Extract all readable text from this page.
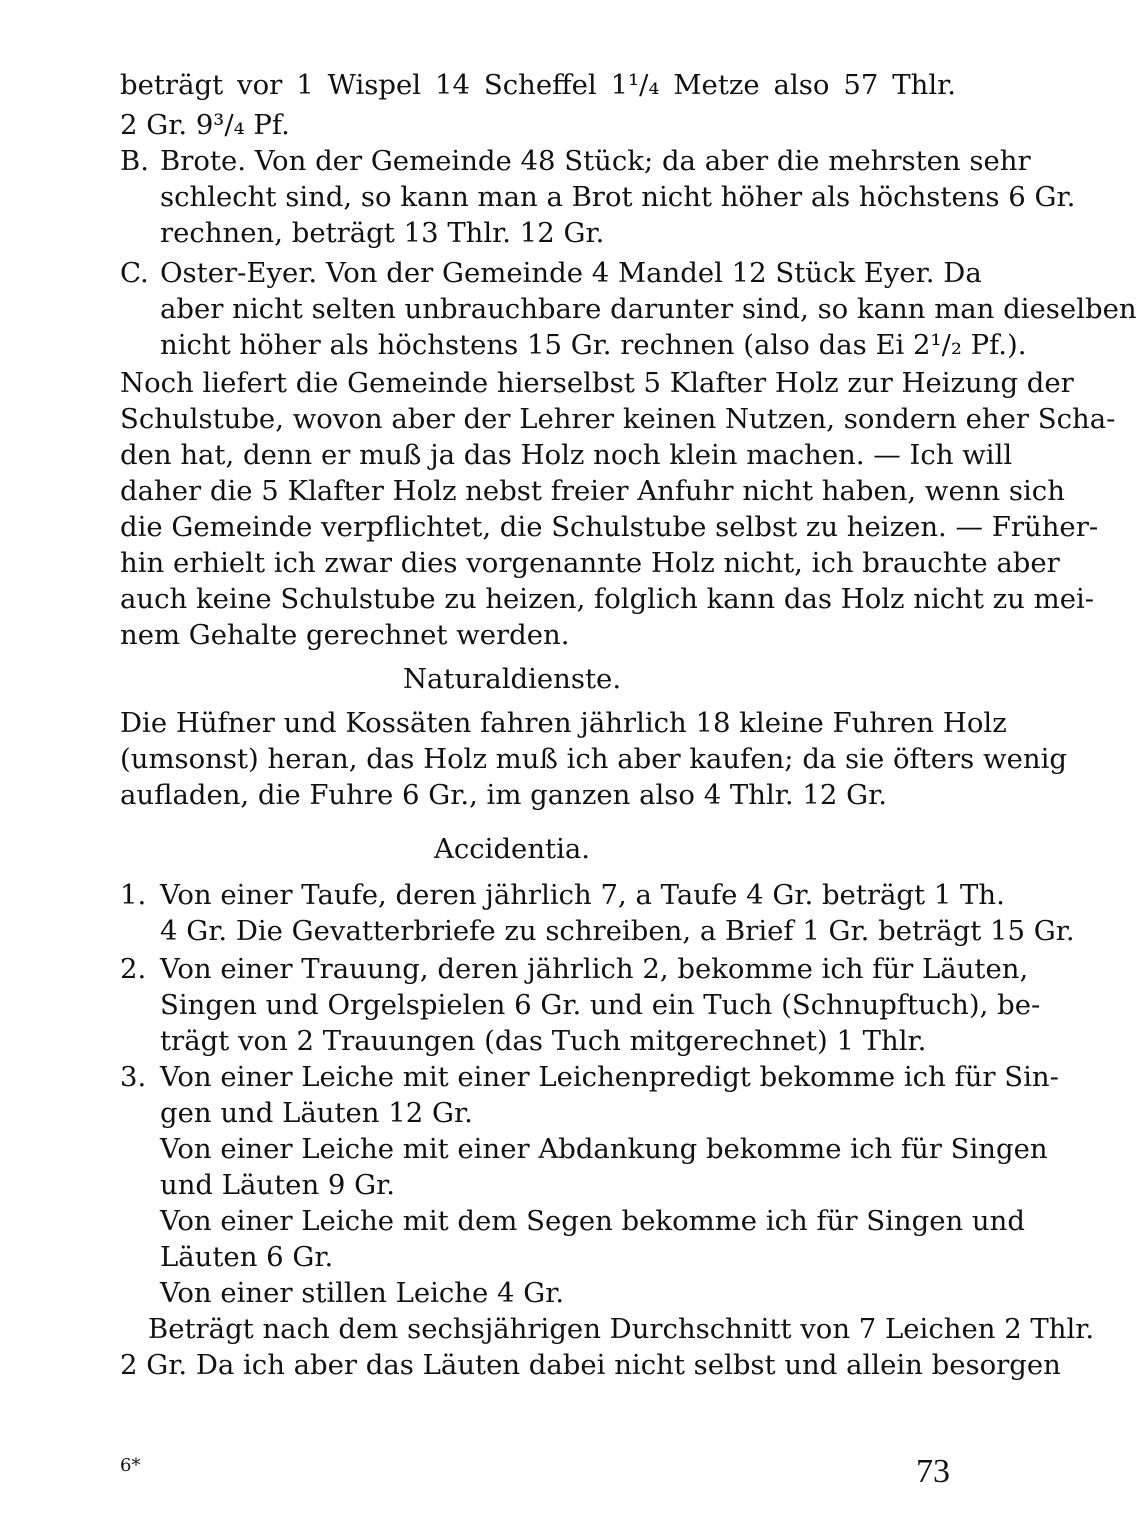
beträgt vor 1 Wispel 14 Scheffel 1¹/₄ Metze also 57 Thlr.
2 Gr. 9³/₄ Pf.
B. Brote. Von der Gemeinde 48 Stück; da aber die mehrsten sehr
schlecht sind, so kann man a Brot nicht höher als höchstens 6 Gr.
rechnen, beträgt 13 Thlr. 12 Gr.
C. Oster-Eyer. Von der Gemeinde 4 Mandel 12 Stück Eyer. Da
aber nicht selten unbrauchbare darunter sind, so kann man dieselben
nicht höher als höchstens 15 Gr. rechnen (also das Ei 2¹/₂ Pf.).
Noch liefert die Gemeinde hierselbst 5 Klafter Holz zur Heizung der
Schulstube, wovon aber der Lehrer keinen Nutzen, sondern eher Scha-
den hat, denn er muß ja das Holz noch klein machen. — Ich will
daher die 5 Klafter Holz nebst freier Anfuhr nicht haben, wenn sich
die Gemeinde verpflichtet, die Schulstube selbst zu heizen. — Früher-
hin erhielt ich zwar dies vorgenannte Holz nicht, ich brauchte aber
auch keine Schulstube zu heizen, folglich kann das Holz nicht zu mei-
nem Gehalte gerechnet werden.
Naturaldienste.
Die Hüfner und Kossäten fahren jährlich 18 kleine Fuhren Holz
(umsonst) heran, das Holz muß ich aber kaufen; da sie öfters wenig
aufladen, die Fuhre 6 Gr., im ganzen also 4 Thlr. 12 Gr.
Accidentia.
1. Von einer Taufe, deren jährlich 7, a Taufe 4 Gr. beträgt 1 Th.
4 Gr. Die Gevatterbriefe zu schreiben, a Brief 1 Gr. beträgt 15 Gr.
2. Von einer Trauung, deren jährlich 2, bekomme ich für Läuten,
Singen und Orgelspielen 6 Gr. und ein Tuch (Schnupftuch), be-
trägt von 2 Trauungen (das Tuch mitgerechnet) 1 Thlr.
3. Von einer Leiche mit einer Leichenpredigt bekomme ich für Sin-
gen und Läuten 12 Gr.
Von einer Leiche mit einer Abdankung bekomme ich für Singen
und Läuten 9 Gr.
Von einer Leiche mit dem Segen bekomme ich für Singen und
Läuten 6 Gr.
Von einer stillen Leiche 4 Gr.
Beträgt nach dem sechsjährigen Durchschnitt von 7 Leichen 2 Thlr.
2 Gr. Da ich aber das Läuten dabei nicht selbst und allein besorgen
6*	73
